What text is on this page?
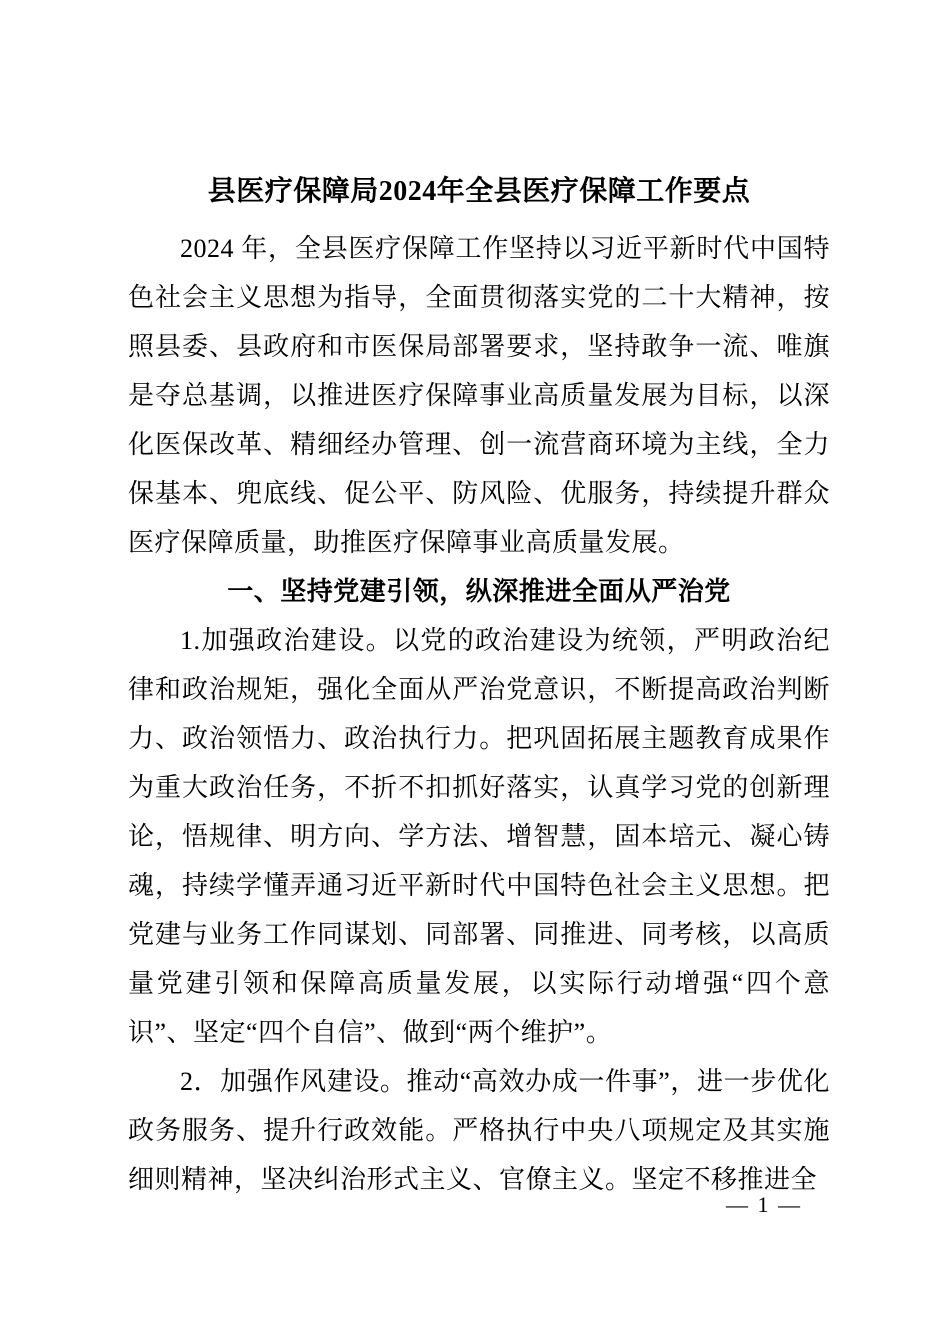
县医疗保障局2024年全县医疗保障工作要点

2024 年，全县医疗保障工作坚持以习近平新时代中国特色社会主义思想为指导，全面贯彻落实党的二十大精神，按照县委、县政府和市医保局部署要求，坚持敢争一流、唯旗是夺总基调，以推进医疗保障事业高质量发展为目标，以深化医保改革、精细经办管理、创一流营商环境为主线，全力保基本、兜底线、促公平、防风险、优服务，持续提升群众医疗保障质量，助推医疗保障事业高质量发展。

一、坚持党建引领，纵深推进全面从严治党

1.加强政治建设。以党的政治建设为统领，严明政治纪律和政治规矩，强化全面从严治党意识，不断提高政治判断力、政治领悟力、政治执行力。把巩固拓展主题教育成果作为重大政治任务，不折不扣抓好落实，认真学习党的创新理论，悟规律、明方向、学方法、增智慧，固本培元、凝心铸魂，持续学懂弄通习近平新时代中国特色社会主义思想。把党建与业务工作同谋划、同部署、同推进、同考核，以高质量党建引领和保障高质量发展，以实际行动增强“四个意识”、坚定“四个自信”、做到“两个维护”。

2．加强作风建设。推动“高效办成一件事”，进一步优化政务服务、提升行政效能。严格执行中央八项规定及其实施细则精神，坚决纠治形式主义、官僚主义。坚定不移推进全

— 1 —
